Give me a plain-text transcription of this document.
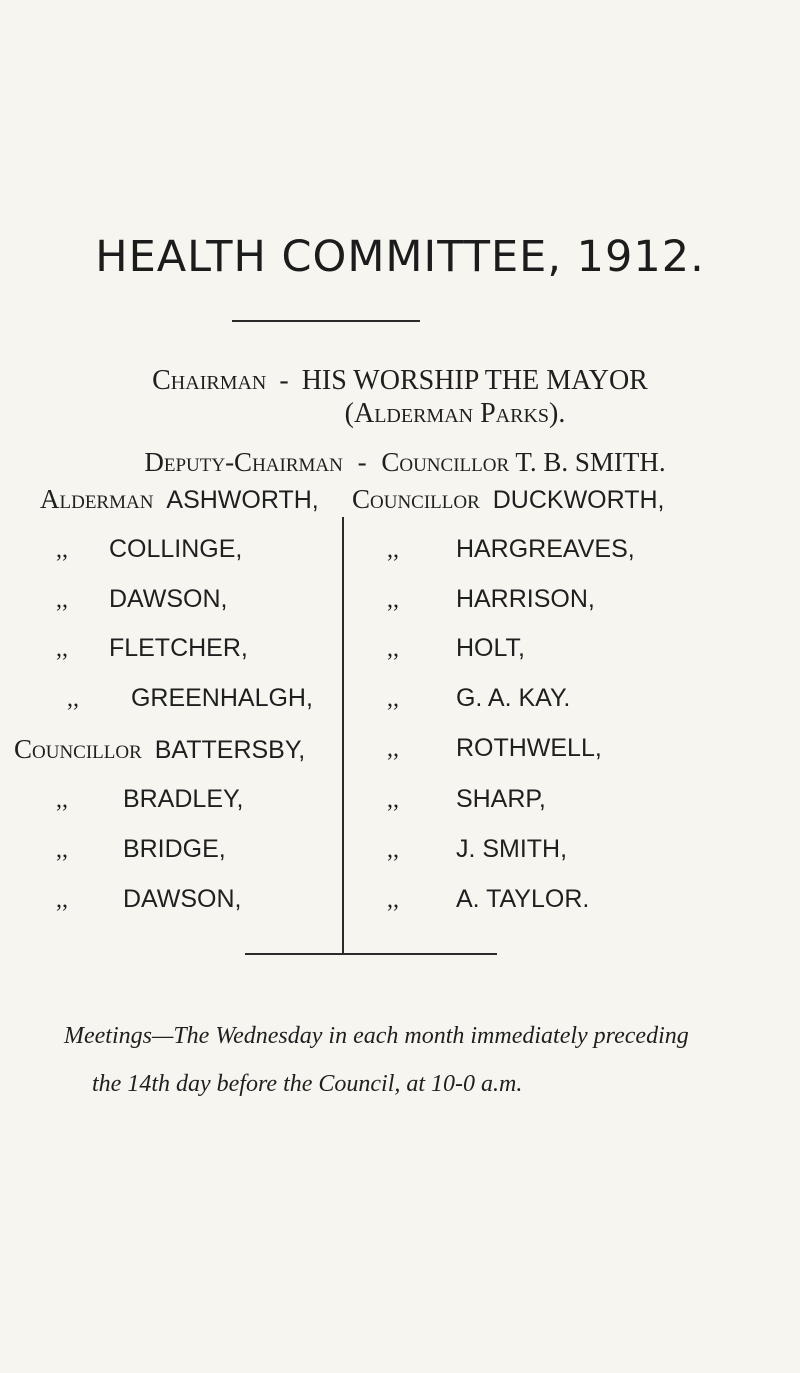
HEALTH COMMITTEE, 1912.
Chairman - HIS WORSHIP THE MAYOR
(Alderman Parks).
Deputy-Chairman - Councillor T. B. SMITH.
Alderman ASHWORTH,
,, COLLINGE,
,, DAWSON,
,, FLETCHER,
,, GREENHALGH,
Councillor BATTERSBY,
,, BRADLEY,
,, BRIDGE,
,, DAWSON,
Councillor DUCKWORTH,
,, HARGREAVES,
,, HARRISON,
,, HOLT,
,, G. A. KAY.
,, ROTHWELL,
,, SHARP,
,, J. SMITH,
,, A. TAYLOR.
Meetings—The Wednesday in each month immediately preceding
the 14th day before the Council, at 10-0 a.m.
